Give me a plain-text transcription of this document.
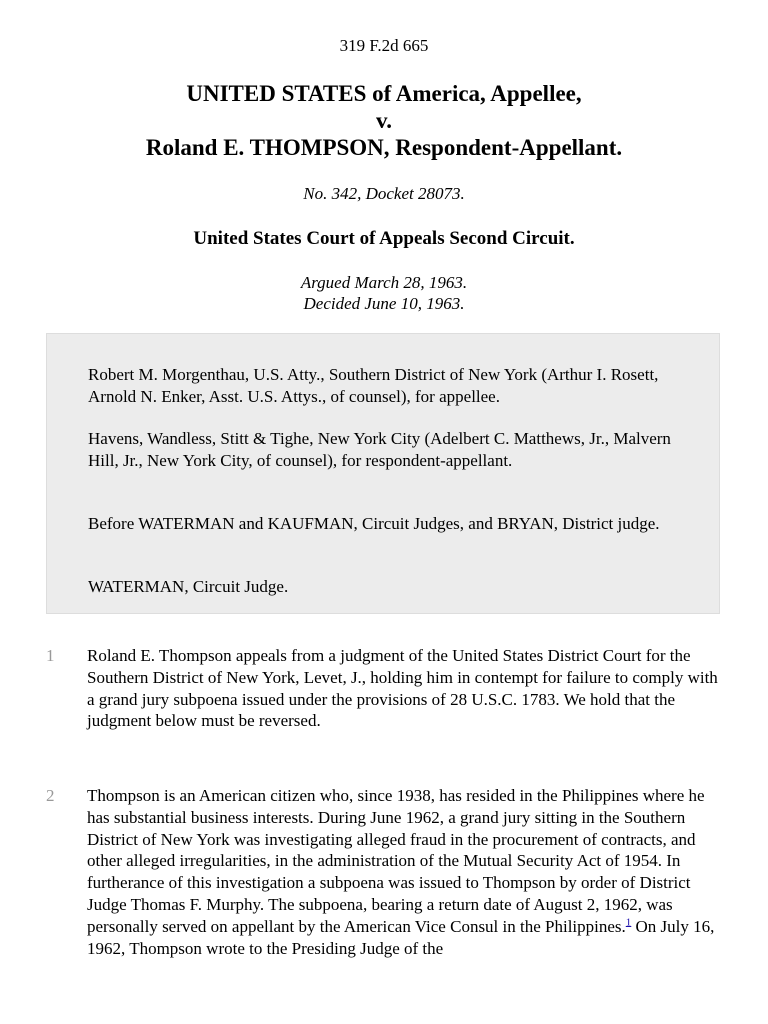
319 F.2d 665
UNITED STATES of America, Appellee,
v.
Roland E. THOMPSON, Respondent-Appellant.
No. 342, Docket 28073.
United States Court of Appeals Second Circuit.
Argued March 28, 1963.
Decided June 10, 1963.

Robert M. Morgenthau, U.S. Atty., Southern District of New York (Arthur I. Rosett, Arnold N. Enker, Asst. U.S. Attys., of counsel), for appellee.

Havens, Wandless, Stitt & Tighe, New York City (Adelbert C. Matthews, Jr., Malvern Hill, Jr., New York City, of counsel), for respondent-appellant.

Before WATERMAN and KAUFMAN, Circuit Judges, and BRYAN, District judge.

WATERMAN, Circuit Judge.

1 Roland E. Thompson appeals from a judgment of the United States District Court for the Southern District of New York, Levet, J., holding him in contempt for failure to comply with a grand jury subpoena issued under the provisions of 28 U.S.C. 1783. We hold that the judgment below must be reversed.

2 Thompson is an American citizen who, since 1938, has resided in the Philippines where he has substantial business interests. During June 1962, a grand jury sitting in the Southern District of New York was investigating alleged fraud in the procurement of contracts, and other alleged irregularities, in the administration of the Mutual Security Act of 1954. In furtherance of this investigation a subpoena was issued to Thompson by order of District Judge Thomas F. Murphy. The subpoena, bearing a return date of August 2, 1962, was personally served on appellant by the American Vice Consul in the Philippines.$^1$ On July 16, 1962, Thompson wrote to the Presiding Judge of the
